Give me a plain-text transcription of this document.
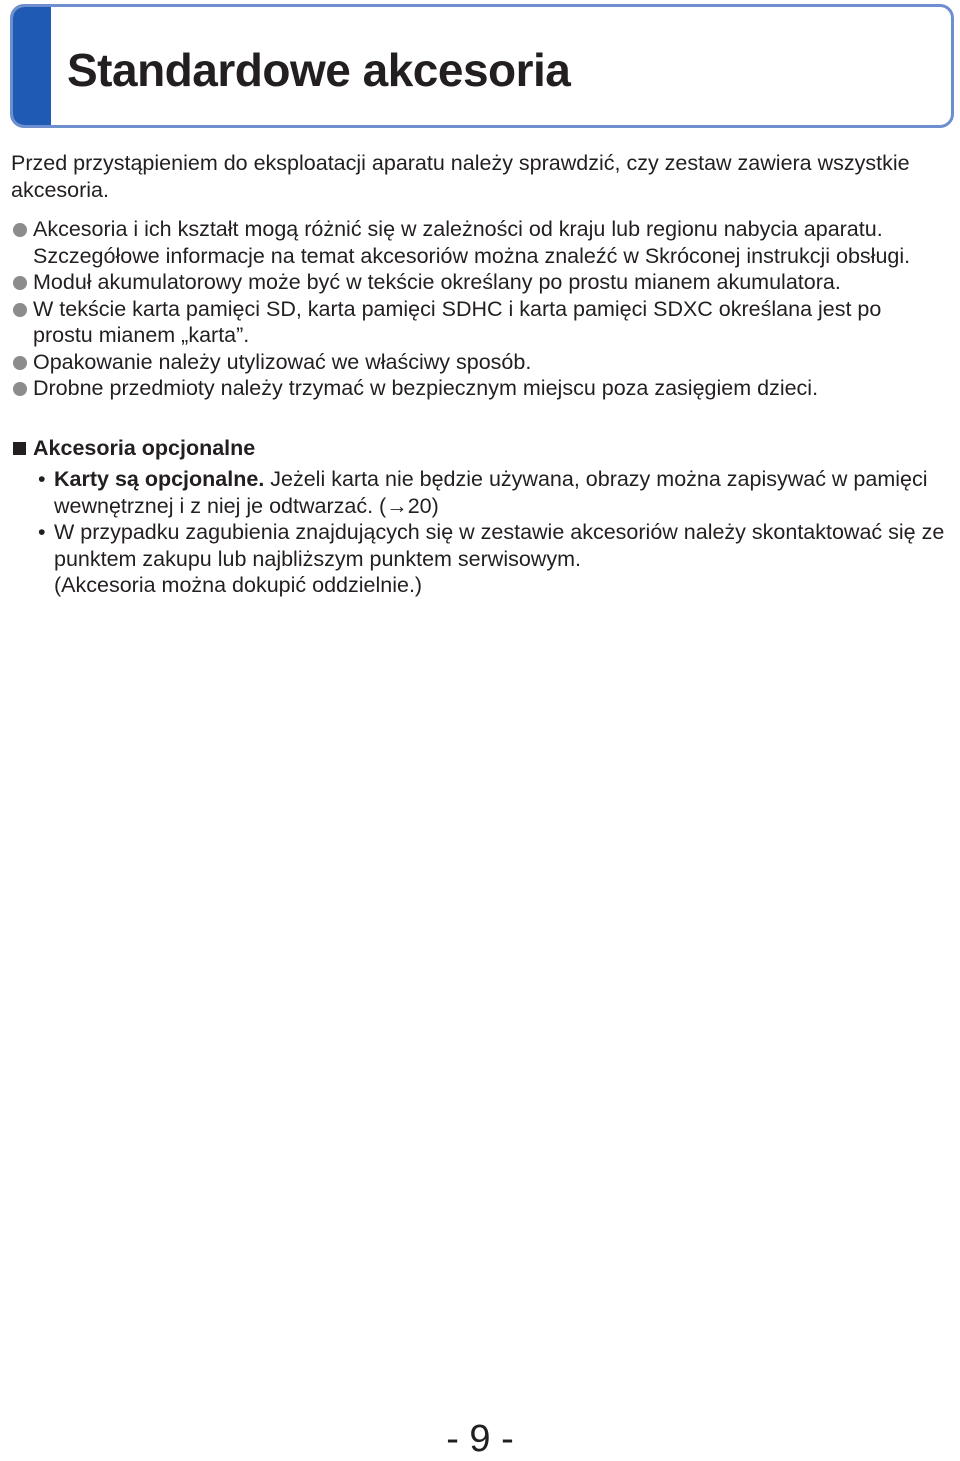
Standardowe akcesoria

Przed przystąpieniem do eksploatacji aparatu należy sprawdzić, czy zestaw zawiera wszystkie akcesoria.

Akcesoria i ich kształt mogą różnić się w zależności od kraju lub regionu nabycia aparatu.
Szczegółowe informacje na temat akcesoriów można znaleźć w Skróconej instrukcji obsługi.
Moduł akumulatorowy może być w tekście określany po prostu mianem akumulatora.
W tekście karta pamięci SD, karta pamięci SDHC i karta pamięci SDXC określana jest po prostu mianem „karta”.
Opakowanie należy utylizować we właściwy sposób.
Drobne przedmioty należy trzymać w bezpiecznym miejscu poza zasięgiem dzieci.
Akcesoria opcjonalne
• Karty są opcjonalne. Jeżeli karta nie będzie używana, obrazy można zapisywać w pamięci wewnętrznej i z niej je odtwarzać. (→20)
• W przypadku zagubienia znajdujących się w zestawie akcesoriów należy skontaktować się ze punktem zakupu lub najbliższym punktem serwisowym.
(Akcesoria można dokupić oddzielnie.)
- 9 -
